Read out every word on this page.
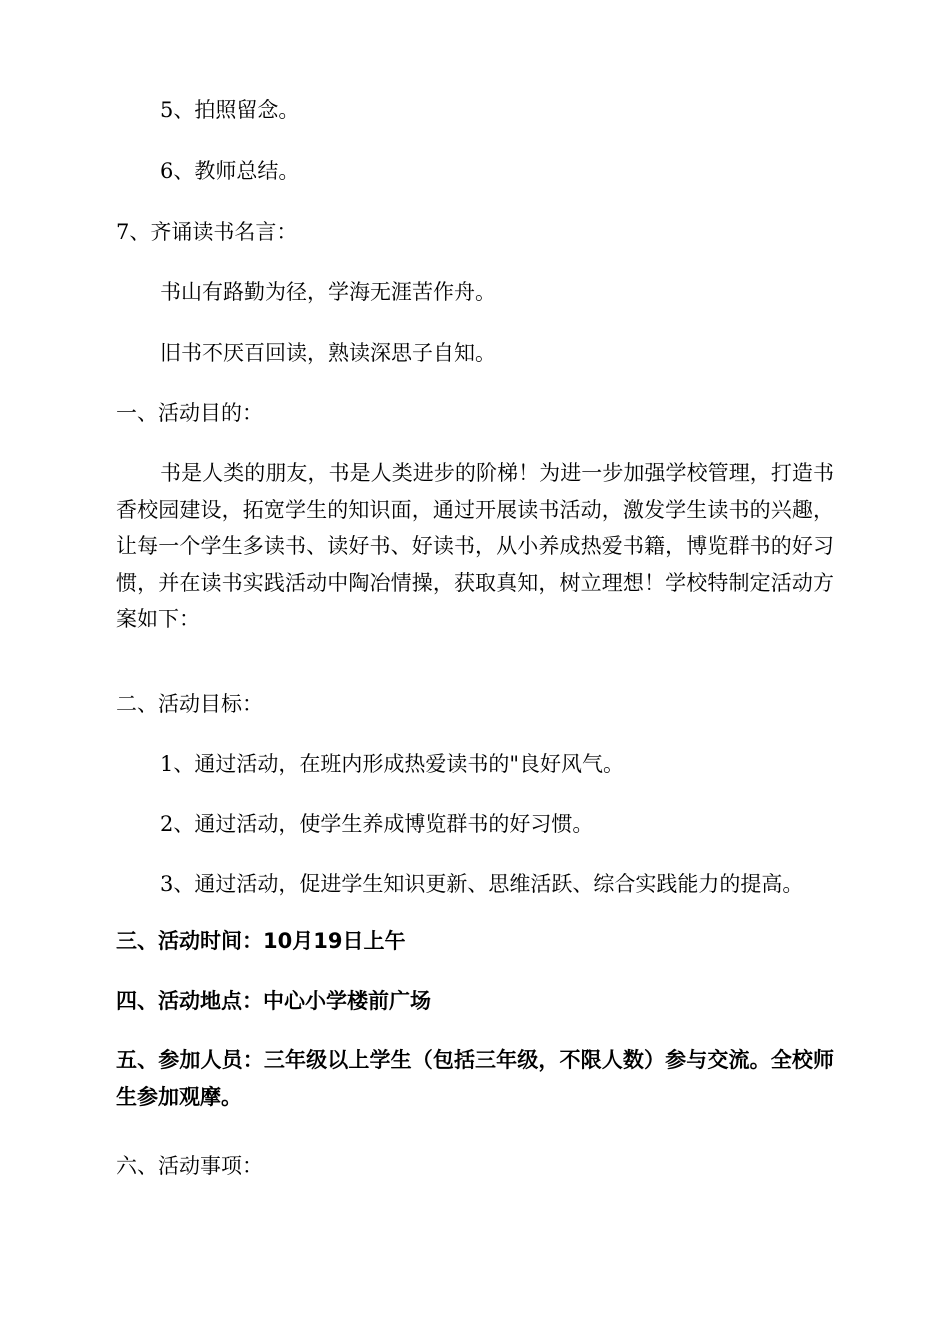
5、拍照留念。
6、教师总结。
7、齐诵读书名言：
书山有路勤为径，学海无涯苦作舟。
旧书不厌百回读，熟读深思子自知。
一、活动目的：
书是人类的朋友，书是人类进步的阶梯！为进一步加强学校管理，打造书香校园建设，拓宽学生的知识面，通过开展读书活动，激发学生读书的兴趣，让每一个学生多读书、读好书、好读书，从小养成热爱书籍，博览群书的好习惯，并在读书实践活动中陶冶情操，获取真知，树立理想！学校特制定活动方案如下：
二、活动目标：
1、通过活动，在班内形成热爱读书的"良好风气。
2、通过活动，使学生养成博览群书的好习惯。
3、通过活动，促进学生知识更新、思维活跃、综合实践能力的提高。
三、活动时间：10月19日上午
四、活动地点：中心小学楼前广场
五、参加人员：三年级以上学生（包括三年级，不限人数）参与交流。全校师生参加观摩。
六、活动事项：
